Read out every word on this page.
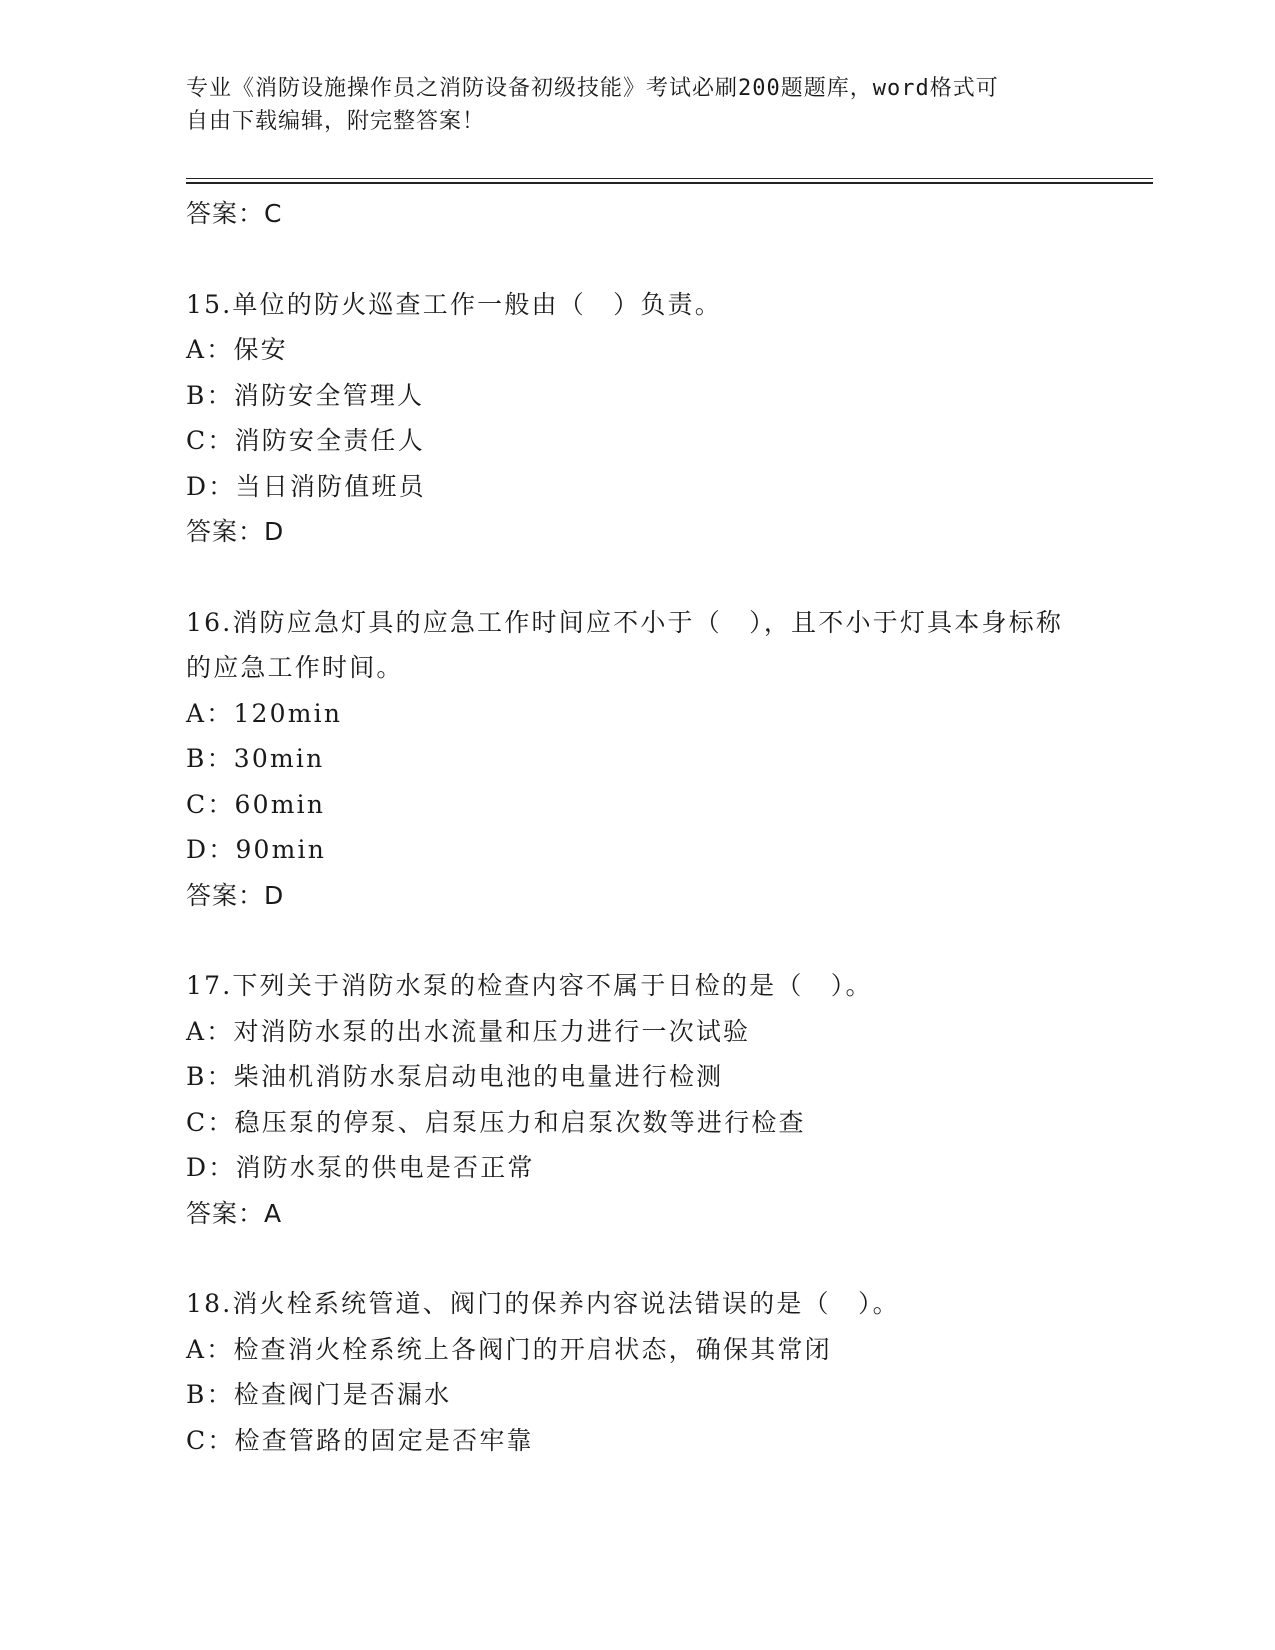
专业《消防设施操作员之消防设备初级技能》考试必刷200题题库，word格式可
自由下载编辑，附完整答案！
答案：C
15.单位的防火巡查工作一般由（　）负责。
A：保安
B：消防安全管理人
C：消防安全责任人
D：当日消防值班员
答案：D
16.消防应急灯具的应急工作时间应不小于（　），且不小于灯具本身标称的应急工作时间。
A：120min
B：30min
C：60min
D：90min
答案：D
17.下列关于消防水泵的检查内容不属于日检的是（　）。
A：对消防水泵的出水流量和压力进行一次试验
B：柴油机消防水泵启动电池的电量进行检测
C：稳压泵的停泵、启泵压力和启泵次数等进行检查
D：消防水泵的供电是否正常
答案：A
18.消火栓系统管道、阀门的保养内容说法错误的是（　）。
A：检查消火栓系统上各阀门的开启状态，确保其常闭
B：检查阀门是否漏水
C：检查管路的固定是否牢靠
